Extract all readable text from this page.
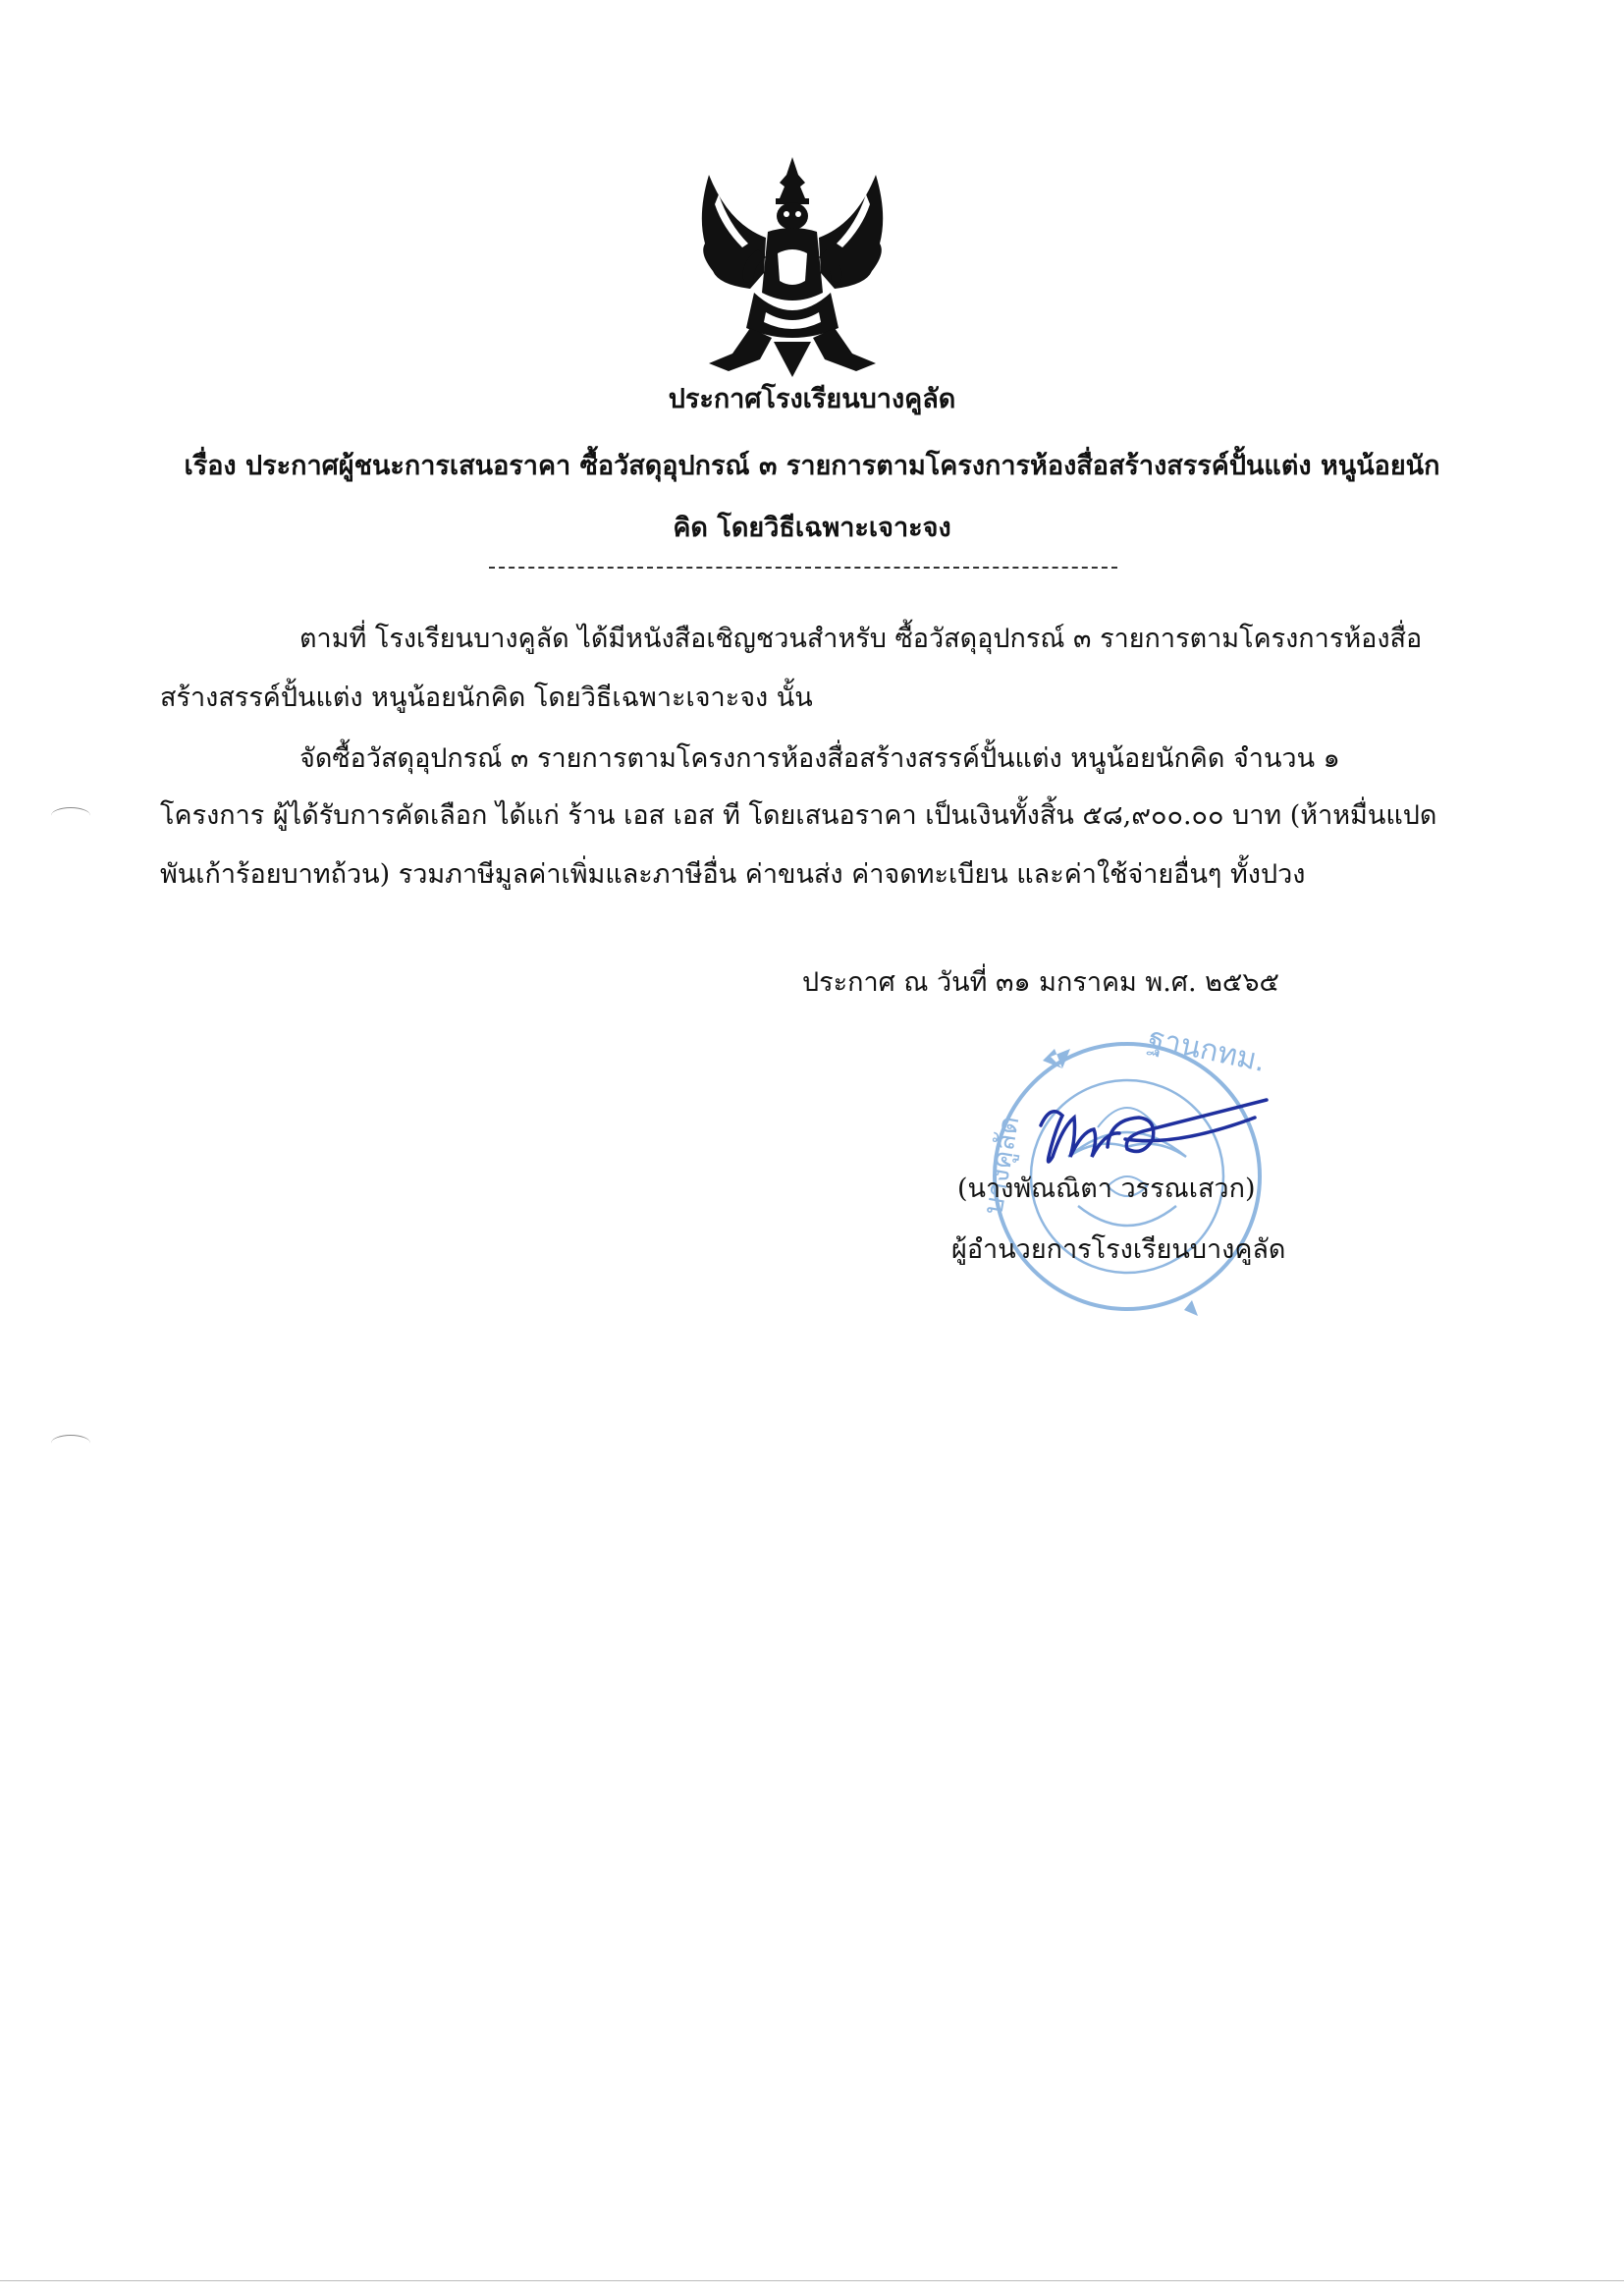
ประกาศโรงเรียนบางคูลัด
เรื่อง ประกาศผู้ชนะการเสนอราคา ซื้อวัสดุอุปกรณ์ ๓ รายการตามโครงการห้องสื่อสร้างสรรค์ปั้นแต่ง หนูน้อยนัก
คิด โดยวิธีเฉพาะเจาะจง
ตามที่ โรงเรียนบางคูลัด ได้มีหนังสือเชิญชวนสำหรับ ซื้อวัสดุอุปกรณ์ ๓ รายการตามโครงการห้องสื่อ
สร้างสรรค์ปั้นแต่ง หนูน้อยนักคิด โดยวิธีเฉพาะเจาะจง นั้น
จัดซื้อวัสดุอุปกรณ์ ๓ รายการตามโครงการห้องสื่อสร้างสรรค์ปั้นแต่ง หนูน้อยนักคิด จำนวน ๑
โครงการ ผู้ได้รับการคัดเลือก ได้แก่ ร้าน เอส เอส ที โดยเสนอราคา เป็นเงินทั้งสิ้น ๕๘,๙๐๐.๐๐ บาท (ห้าหมื่นแปด
พันเก้าร้อยบาทถ้วน) รวมภาษีมูลค่าเพิ่มและภาษีอื่น ค่าขนส่ง ค่าจดทะเบียน และค่าใช้จ่ายอื่นๆ ทั้งปวง
ประกาศ ณ วันที่ ๓๑ มกราคม พ.ศ. ๒๕๖๕
ฐานกทม.
บางคูลัด
(นางพัณณิตา วรรณเสวก)
ผู้อำนวยการโรงเรียนบางคูลัด
